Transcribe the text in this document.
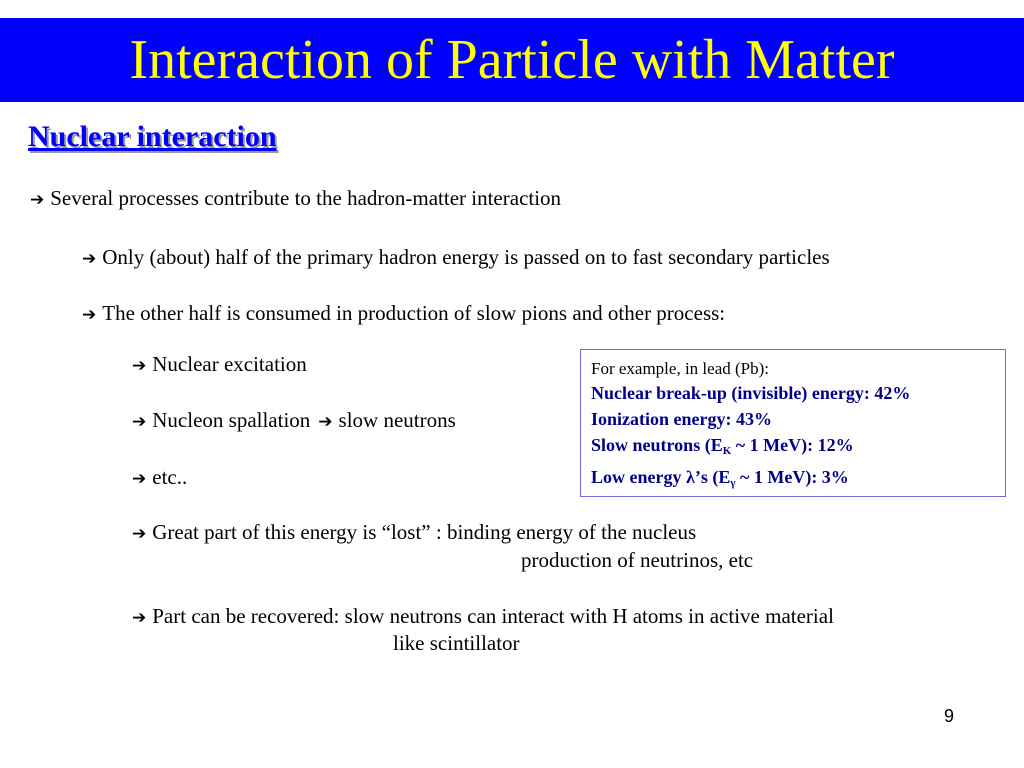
Interaction of Particle with Matter
Nuclear interaction
➔ Several processes contribute to the hadron-matter interaction
➔ Only (about) half of the primary hadron energy is passed on to fast secondary particles
➔ The other half is consumed in production of slow pions and other process:
➔ Nuclear excitation
➔ Nucleon spallation ➔ slow neutrons
➔ etc..
➔ Great part of this energy is “lost” : binding energy of the nucleus
production of neutrinos, etc
➔ Part can be recovered: slow neutrons can interact with H atoms in active material
like scintillator
For example, in lead (Pb):
Nuclear break-up (invisible) energy: 42%
Ionization energy: 43%
Slow neutrons ($E_K$ ~ 1 MeV): 12%
Low energy λ’s ($E_\gamma$ ~ 1 MeV): 3%
9
